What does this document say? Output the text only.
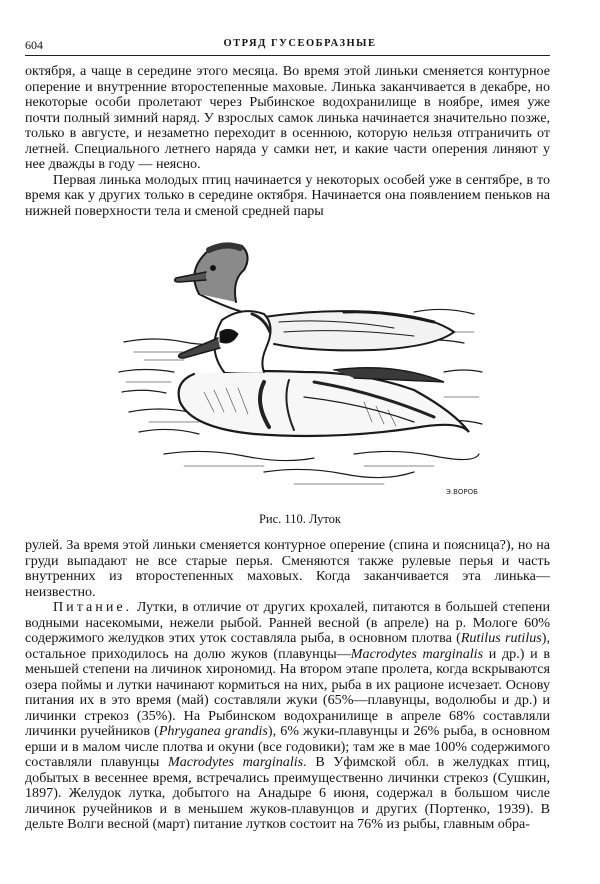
604	ОТРЯД ГУСЕОБРАЗНЫЕ

октября, а чаще в середине этого месяца. Во время этой линьки сменяется контурное оперение и внутренние второстепенные маховые. Линька заканчивается в декабре, но некоторые особи пролетают через Рыбинское водохранилище в ноябре, имея уже почти полный зимний наряд. У взрослых самок линька начинается значительно позже, только в августе, и незаметно переходит в осеннюю, которую нельзя отграничить от летней. Специального летнего наряда у самки нет, и какие части оперения линяют у нее дважды в году — неясно.

Первая линька молодых птиц начинается у некоторых особей уже в сентябре, в то время как у других только в середине октября. Начинается она появлением пеньков на нижней поверхности тела и сменой средней пары

Э.ВОРОБ
Рис. 110. Луток

рулей. За время этой линьки сменяется контурное оперение (спина и поясница?), но на груди выпадают не все старые перья. Сменяются также рулевые перья и часть внутренних из второстепенных маховых. Когда заканчивается эта линька—неизвестно.

Питание. Лутки, в отличие от других крохалей, питаются в большей степени водными насекомыми, нежели рыбой. Ранней весной (в апреле) на р. Мологе 60% содержимого желудков этих уток составляла рыба, в основном плотва (Rutilus rutilus), остальное приходилось на долю жуков (плавунцы—Macrodytes marginalis и др.) и в меньшей степени на личинок хирономид. На втором этапе пролета, когда вскрываются озера поймы и лутки начинают кормиться на них, рыба в их рационе исчезает. Основу питания их в это время (май) составляли жуки (65%—плавунцы, водолюбы и др.) и личинки стрекоз (35%). На Рыбинском водохранилище в апреле 68% составляли личинки ручейников (Phryganea grandis), 6% жуки-плавунцы и 26% рыба, в основном ерши и в малом числе плотва и окуни (все годовики); там же в мае 100% содержимого составляли плавунцы Macrodytes marginalis. В Уфимской обл. в желудках птиц, добытых в весеннее время, встречались преимущественно личинки стрекоз (Сушкин, 1897). Желудок лутка, добытого на Анадыре 6 июня, содержал в большом числе личинок ручейников и в меньшем жуков-плавунцов и других (Портенко, 1939). В дельте Волги весной (март) питание лутков состоит на 76% из рыбы, главным обра-
